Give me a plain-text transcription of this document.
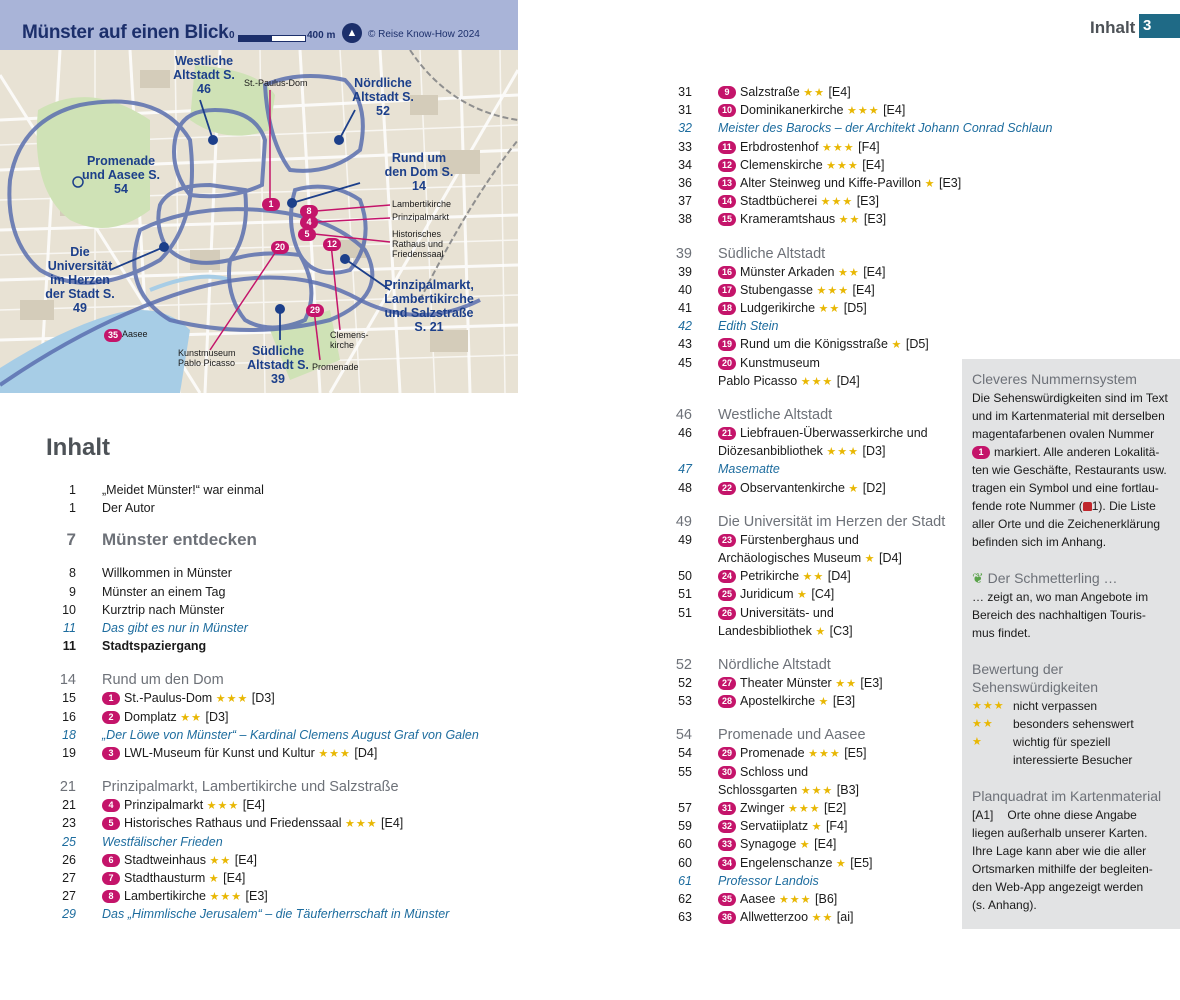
Münster auf einen Blick 0	400 m	▲	© Reise Know-How 2024
Westliche Altstadt S. 46	Nördliche Altstadt S. 52
Promenade und Aasee S. 54
Rund um den Dom S. 14
Die Universität im Herzen der Stadt S. 49
Prinzipalmarkt, Lambertikirche und Salzstraße S. 21
Südliche Altstadt S. 39
St.-Paulus-Dom
Lambertikirche
Prinzipalmarkt
Historisches Rathaus und Friedenssaal
Clemens-kirche
Kunstmuseum Pablo Picasso	Promenade
Aasee
1
8
4
5
20	12
29
35
Inhalt 3
Inhalt
1 „Meidet Münster!“ war einmal
1 Der Autor
7 Münster entdecken
8 Willkommen in Münster
9 Münster an einem Tag
10 Kurztrip nach Münster
11 Das gibt es nur in Münster
11 Stadtspaziergang
14 Rund um den Dom
15	1 St.-Paulus-Dom ★★★ [D3]
16	2 Domplatz ★★ [D3]
18 „Der Löwe von Münster“ – Kardinal Clemens August Graf von Galen
19	3 LWL-Museum für Kunst und Kultur ★★★ [D4]
21 Prinzipalmarkt, Lambertikirche und Salzstraße
21	4 Prinzipalmarkt ★★★ [E4]
23	5 Historisches Rathaus und Friedenssaal ★★★ [E4]
25 Westfälischer Frieden
26	6 Stadtweinhaus ★★ [E4]
27	7 Stadthausturm ★ [E4]
27	8 Lambertikirche ★★★ [E3]
29 Das „Himmlische Jerusalem“ – die Täuferherrschaft in Münster
31	9 Salzstraße ★★ [E4]
31	10 Dominikanerkirche ★★★ [E4]
32 Meister des Barocks – der Architekt Johann Conrad Schlaun
33	11 Erbdrostenhof ★★★ [F4]
34	12 Clemenskirche ★★★ [E4]
36	13 Alter Steinweg und Kiffe-Pavillon ★ [E3]
37	14 Stadtbücherei ★★★ [E3]
38	15 Krameramtshaus ★★ [E3]
39 Südliche Altstadt
39	16 Münster Arkaden ★★ [E4]
40	17 Stubengasse ★★★ [E4]
41	18 Ludgerikirche ★★ [D5]
42 Edith Stein
43	19 Rund um die Königsstraße ★ [D5]
45	20 Kunstmuseum
Pablo Picasso ★★★ [D4]
46 Westliche Altstadt
46	21 Liebfrauen-Überwasserkirche und
Diözesanbibliothek ★★★ [D3]
47 Masematte
48	22 Observantenkirche ★ [D2]
49 Die Universität im Herzen der Stadt
49	23 Fürstenberghaus und
Archäologisches Museum ★ [D4]
50	24 Petrikirche ★★ [D4]
51	25 Juridicum ★ [C4]
51	26 Universitäts- und
Landesbibliothek ★ [C3]
52 Nördliche Altstadt
52	27 Theater Münster ★★ [E3]
53	28 Apostelkirche ★ [E3]
54 Promenade und Aasee
54	29 Promenade ★★★ [E5]
55	30 Schloss und
Schlossgarten ★★★ [B3]
57	31 Zwinger ★★★ [E2]
59	32 Servatiiplatz ★ [F4]
60	33 Synagoge ★ [E4]
60	34 Engelenschanze ★ [E5]
61 Professor Landois
62	35 Aasee ★★★ [B6]
63	36 Allwetterzoo ★★ [ai]
Cleveres Nummernsystem
Die Sehenswürdigkeiten sind im Text
und im Kartenmaterial mit derselben
magentafarbenen ovalen Nummer
1 markiert. Alle anderen Lokalitä-
ten wie Geschäfte, Restaurants usw.
tragen ein Symbol und eine fortlau-
fende rote Nummer ( 1). Die Liste
aller Orte und die Zeichenerklärung
befinden sich im Anhang.
❦ Der Schmetterling …
… zeigt an, wo man Angebote im
Bereich des nachhaltigen Touris-
mus findet.
Bewertung der
Sehenswürdigkeiten
★★★ nicht verpassen
★★ besonders sehenswert
★	wichtig für speziell
interessierte Besucher
Planquadrat im Kartenmaterial
[A1] Orte ohne diese Angabe
liegen außerhalb unserer Karten.
Ihre Lage kann aber wie die aller
Ortsmarken mithilfe der begleiten-
den Web-App angezeigt werden
(s. Anhang).
